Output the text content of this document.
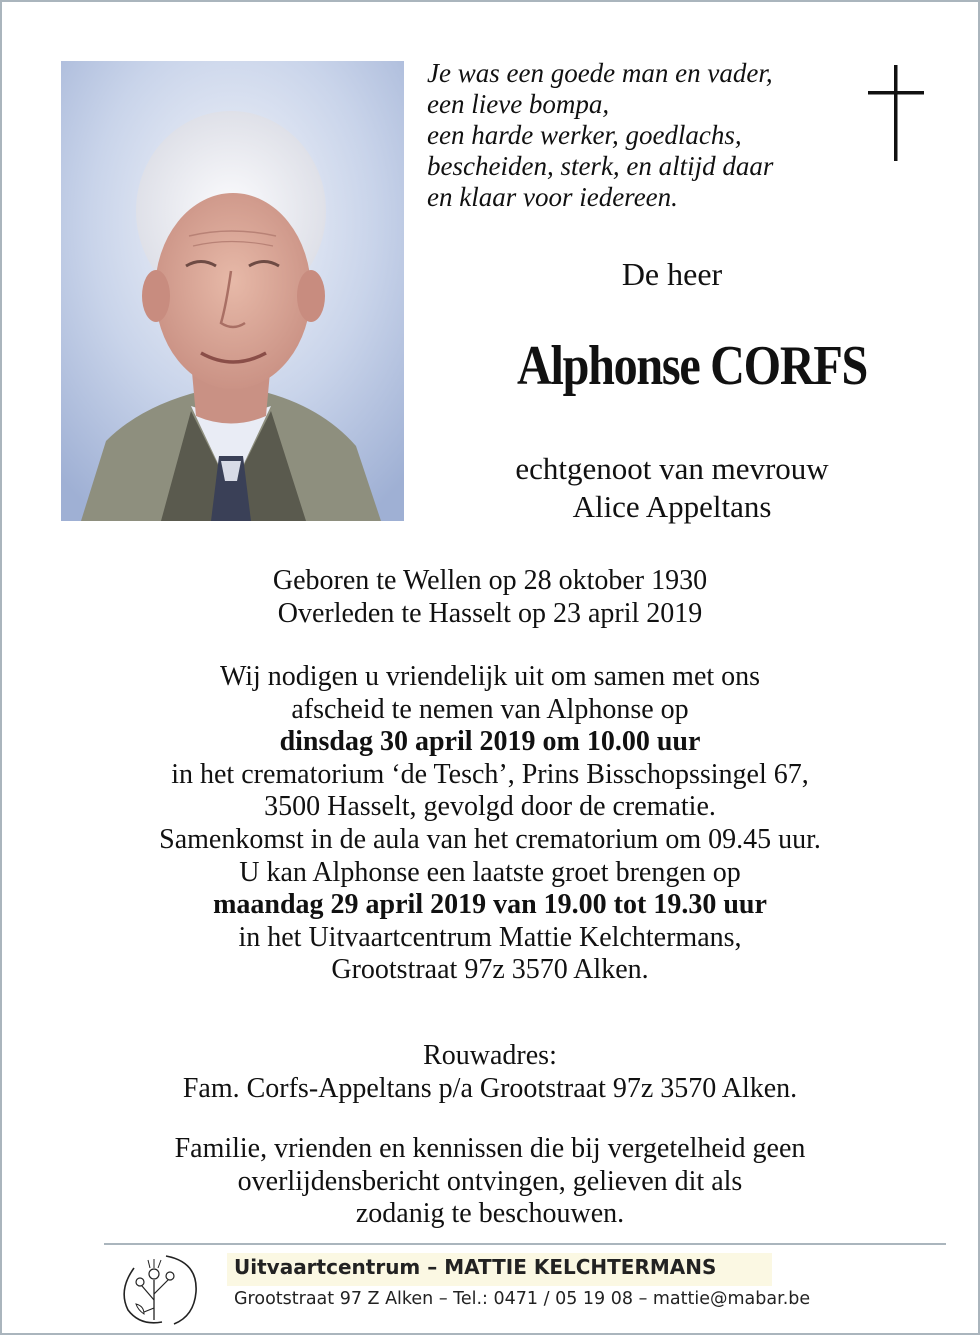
Je was een goede man en vader,
een lieve bompa,
een harde werker, goedlachs,
bescheiden, sterk, en altijd daar
en klaar voor iedereen.
De heer
Alphonse CORFS
echtgenoot van mevrouw
Alice Appeltans
Geboren te Wellen op 28 oktober 1930
Overleden te Hasselt op 23 april 2019
Wij nodigen u vriendelijk uit om samen met ons
afscheid te nemen van Alphonse op
dinsdag 30 april 2019 om 10.00 uur
in het crematorium ‘de Tesch’, Prins Bisschopssingel 67,
3500 Hasselt, gevolgd door de crematie.
Samenkomst in de aula van het crematorium om 09.45 uur.
U kan Alphonse een laatste groet brengen op
maandag 29 april 2019 van 19.00 tot 19.30 uur
in het Uitvaartcentrum Mattie Kelchtermans,
Grootstraat 97z 3570 Alken.
Rouwadres:
Fam. Corfs-Appeltans p/a Grootstraat 97z 3570 Alken.
Familie, vrienden en kennissen die bij vergetelheid geen
overlijdensbericht ontvingen, gelieven dit als
zodanig te beschouwen.
Uitvaartcentrum – MATTIE KELCHTERMANS
Grootstraat 97 Z Alken – Tel.: 0471 / 05 19 08 – mattie@mabar.be
